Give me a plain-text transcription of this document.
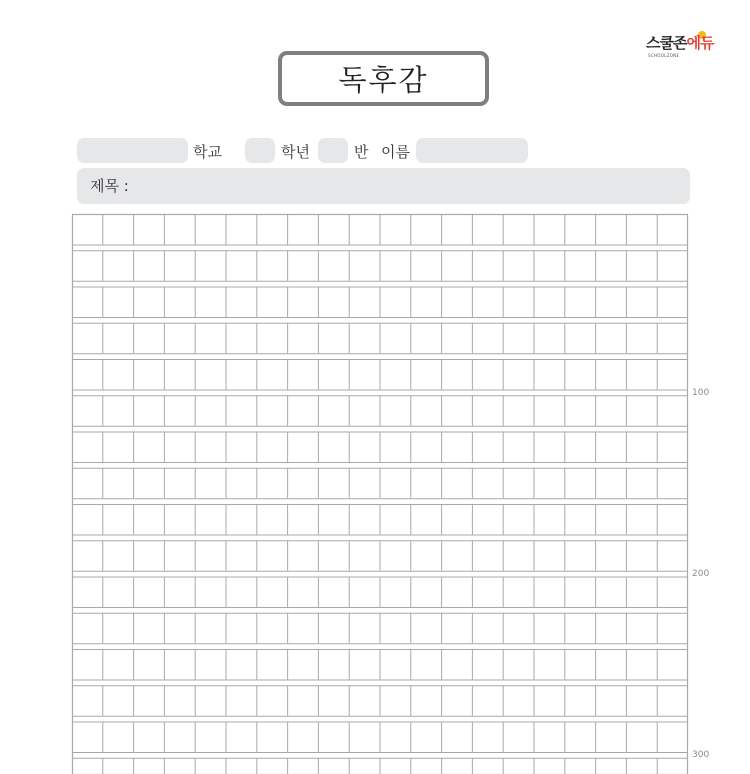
스쿨존에듀
SCHOOLZONE
독후감
학교	학년	반 이름
제목 :
100
200
300
